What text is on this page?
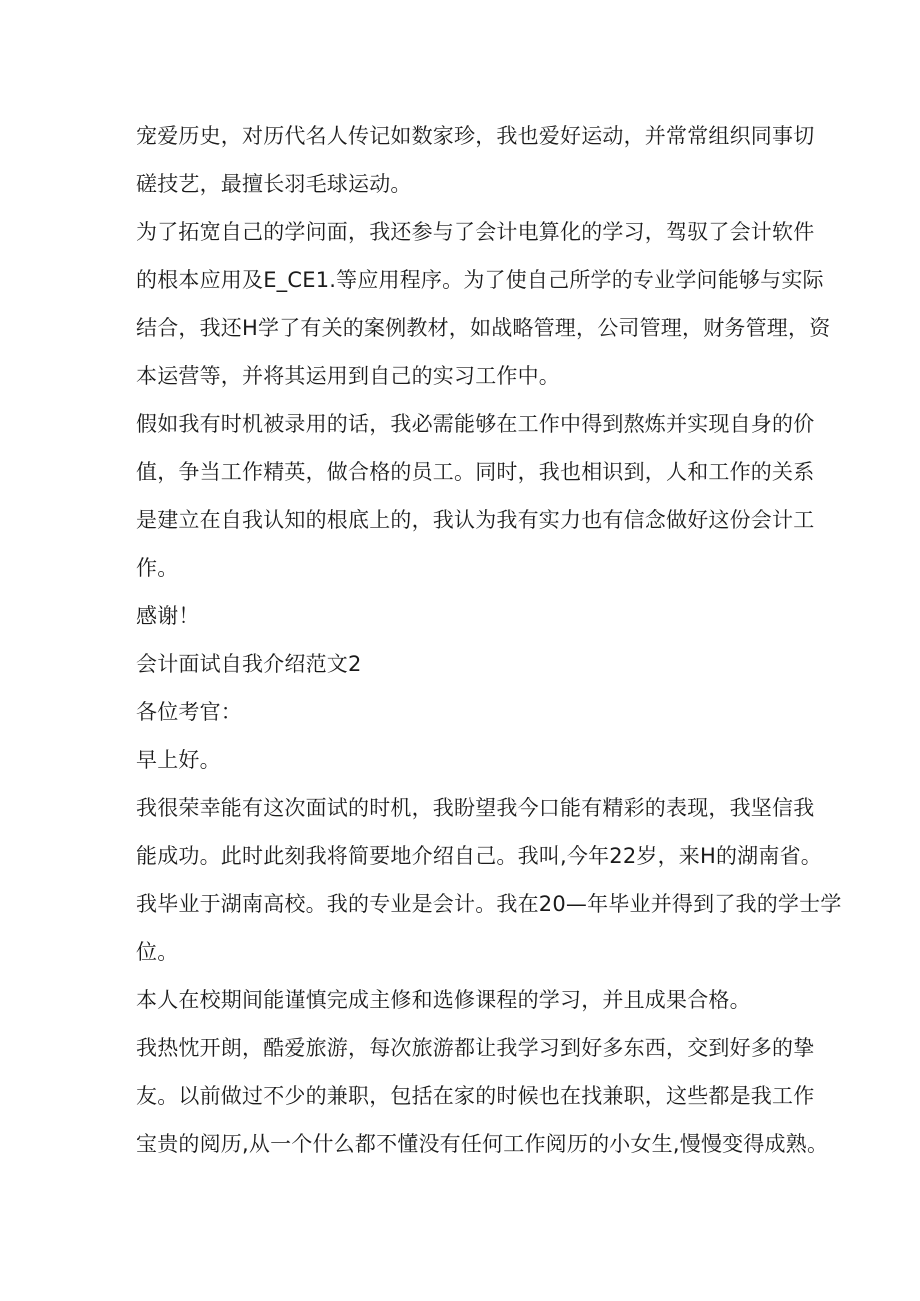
宠爱历史，对历代名人传记如数家珍，我也爱好运动，并常常组织同事切

磋技艺，最擅长羽毛球运动。

为了拓宽自己的学问面，我还参与了会计电算化的学习，驾驭了会计软件

的根本应用及E_CE1.等应用程序。为了使自己所学的专业学问能够与实际

结合，我还H学了有关的案例教材，如战略管理，公司管理，财务管理，资

本运营等，并将其运用到自己的实习工作中。

假如我有时机被录用的话，我必需能够在工作中得到熬炼并实现自身的价

值，争当工作精英，做合格的员工。同时，我也相识到，人和工作的关系

是建立在自我认知的根底上的，我认为我有实力也有信念做好这份会计工

作。

感谢！

会计面试自我介绍范文2

各位考官：

早上好。

我很荣幸能有这次面试的时机，我盼望我今口能有精彩的表现，我坚信我

能成功。此时此刻我将简要地介绍自己。我叫,今年22岁，来H的湖南省。

我毕业于湖南高校。我的专业是会计。我在20—年毕业并得到了我的学士学

位。

本人在校期间能谨慎完成主修和选修课程的学习，并且成果合格。

我热忱开朗，酷爱旅游，每次旅游都让我学习到好多东西，交到好多的挚

友。以前做过不少的兼职，包括在家的时候也在找兼职，这些都是我工作

宝贵的阅历,从一个什么都不懂没有任何工作阅历的小女生,慢慢变得成熟。
